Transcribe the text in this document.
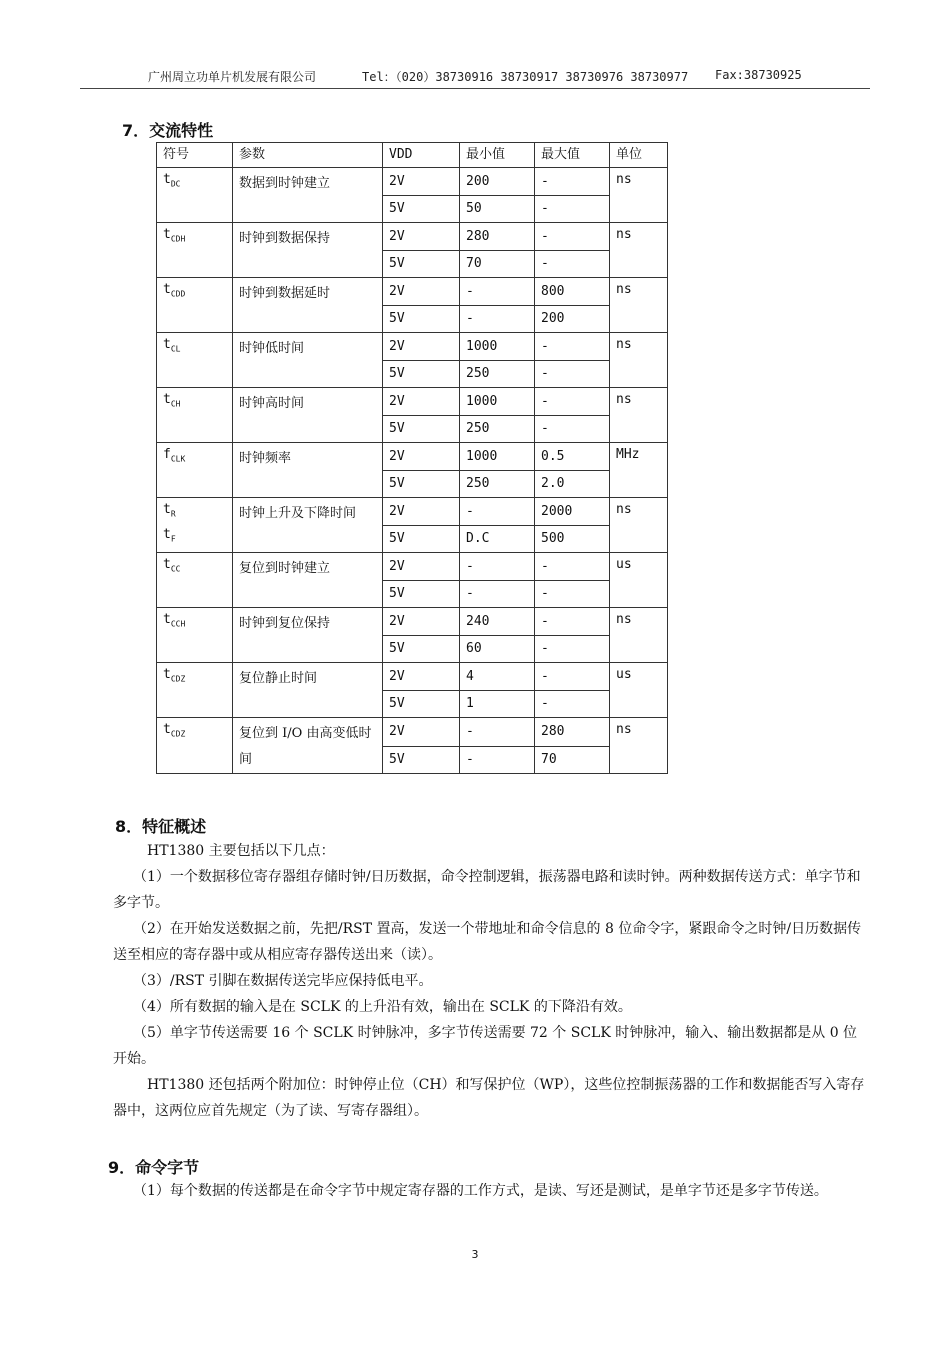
广州周立功单片机发展有限公司	Tel：（020）38730916 38730917 38730976 38730977 Fax:38730925
7．交流特性
符号	参数	VDD	最小值	最大值	单位

$t_{DC}$	数据到时钟建立	2V	200	-	ns
		5V	50	-	

$t_{CDH}$	时钟到数据保持	2V	280	-	ns
		5V	70	-	

$t_{CDD}$	时钟到数据延时	2V	-	800	ns
		5V	-	200	

$t_{CL}$	时钟低时间	2V	1000	-	ns
		5V	250	-	

$t_{CH}$	时钟高时间	2V	1000	-	ns
		5V	250	-	

$f_{CLK}$	时钟频率	2V	1000	0.5	MHz
		5V	250	2.0	

$t_R$
$t_F$	时钟上升及下降时间	2V	-	2000	ns
		5V	D.C	500	

$t_{CC}$	复位到时钟建立	2V	-	-	us
		5V	-	-	

$t_{CCH}$	时钟到复位保持	2V	240	-	ns
		5V	60	-	

$t_{CDZ}$	复位静止时间	2V	4	-	us
		5V	1	-	

$t_{CDZ}$	复位到 I/O 由高变低时间	2V	-	280	ns
		5V	-	70	
8．特征概述

HT1380 主要包括以下几点：

（1）一个数据移位寄存器组存储时钟/日历数据，命令控制逻辑，振荡器电路和读时钟。两种数据传送方式：单字节和多字节。

（2）在开始发送数据之前，先把/RST 置高，发送一个带地址和命令信息的 8 位命令字，紧跟命令之时钟/日历数据传送至相应的寄存器中或从相应寄存器传送出来（读）。

（3）/RST 引脚在数据传送完毕应保持低电平。

（4）所有数据的输入是在 SCLK 的上升沿有效，输出在 SCLK 的下降沿有效。

（5）单字节传送需要 16 个 SCLK 时钟脉冲，多字节传送需要 72 个 SCLK 时钟脉冲，输入、输出数据都是从 0 位开始。

HT1380 还包括两个附加位：时钟停止位（CH）和写保护位（WP），这些位控制振荡器的工作和数据能否写入寄存器中，这两位应首先规定（为了读、写寄存器组）。

9．命令字节

（1）每个数据的传送都是在命令字节中规定寄存器的工作方式，是读、写还是测试，是单字节还是多字节传送。

3
